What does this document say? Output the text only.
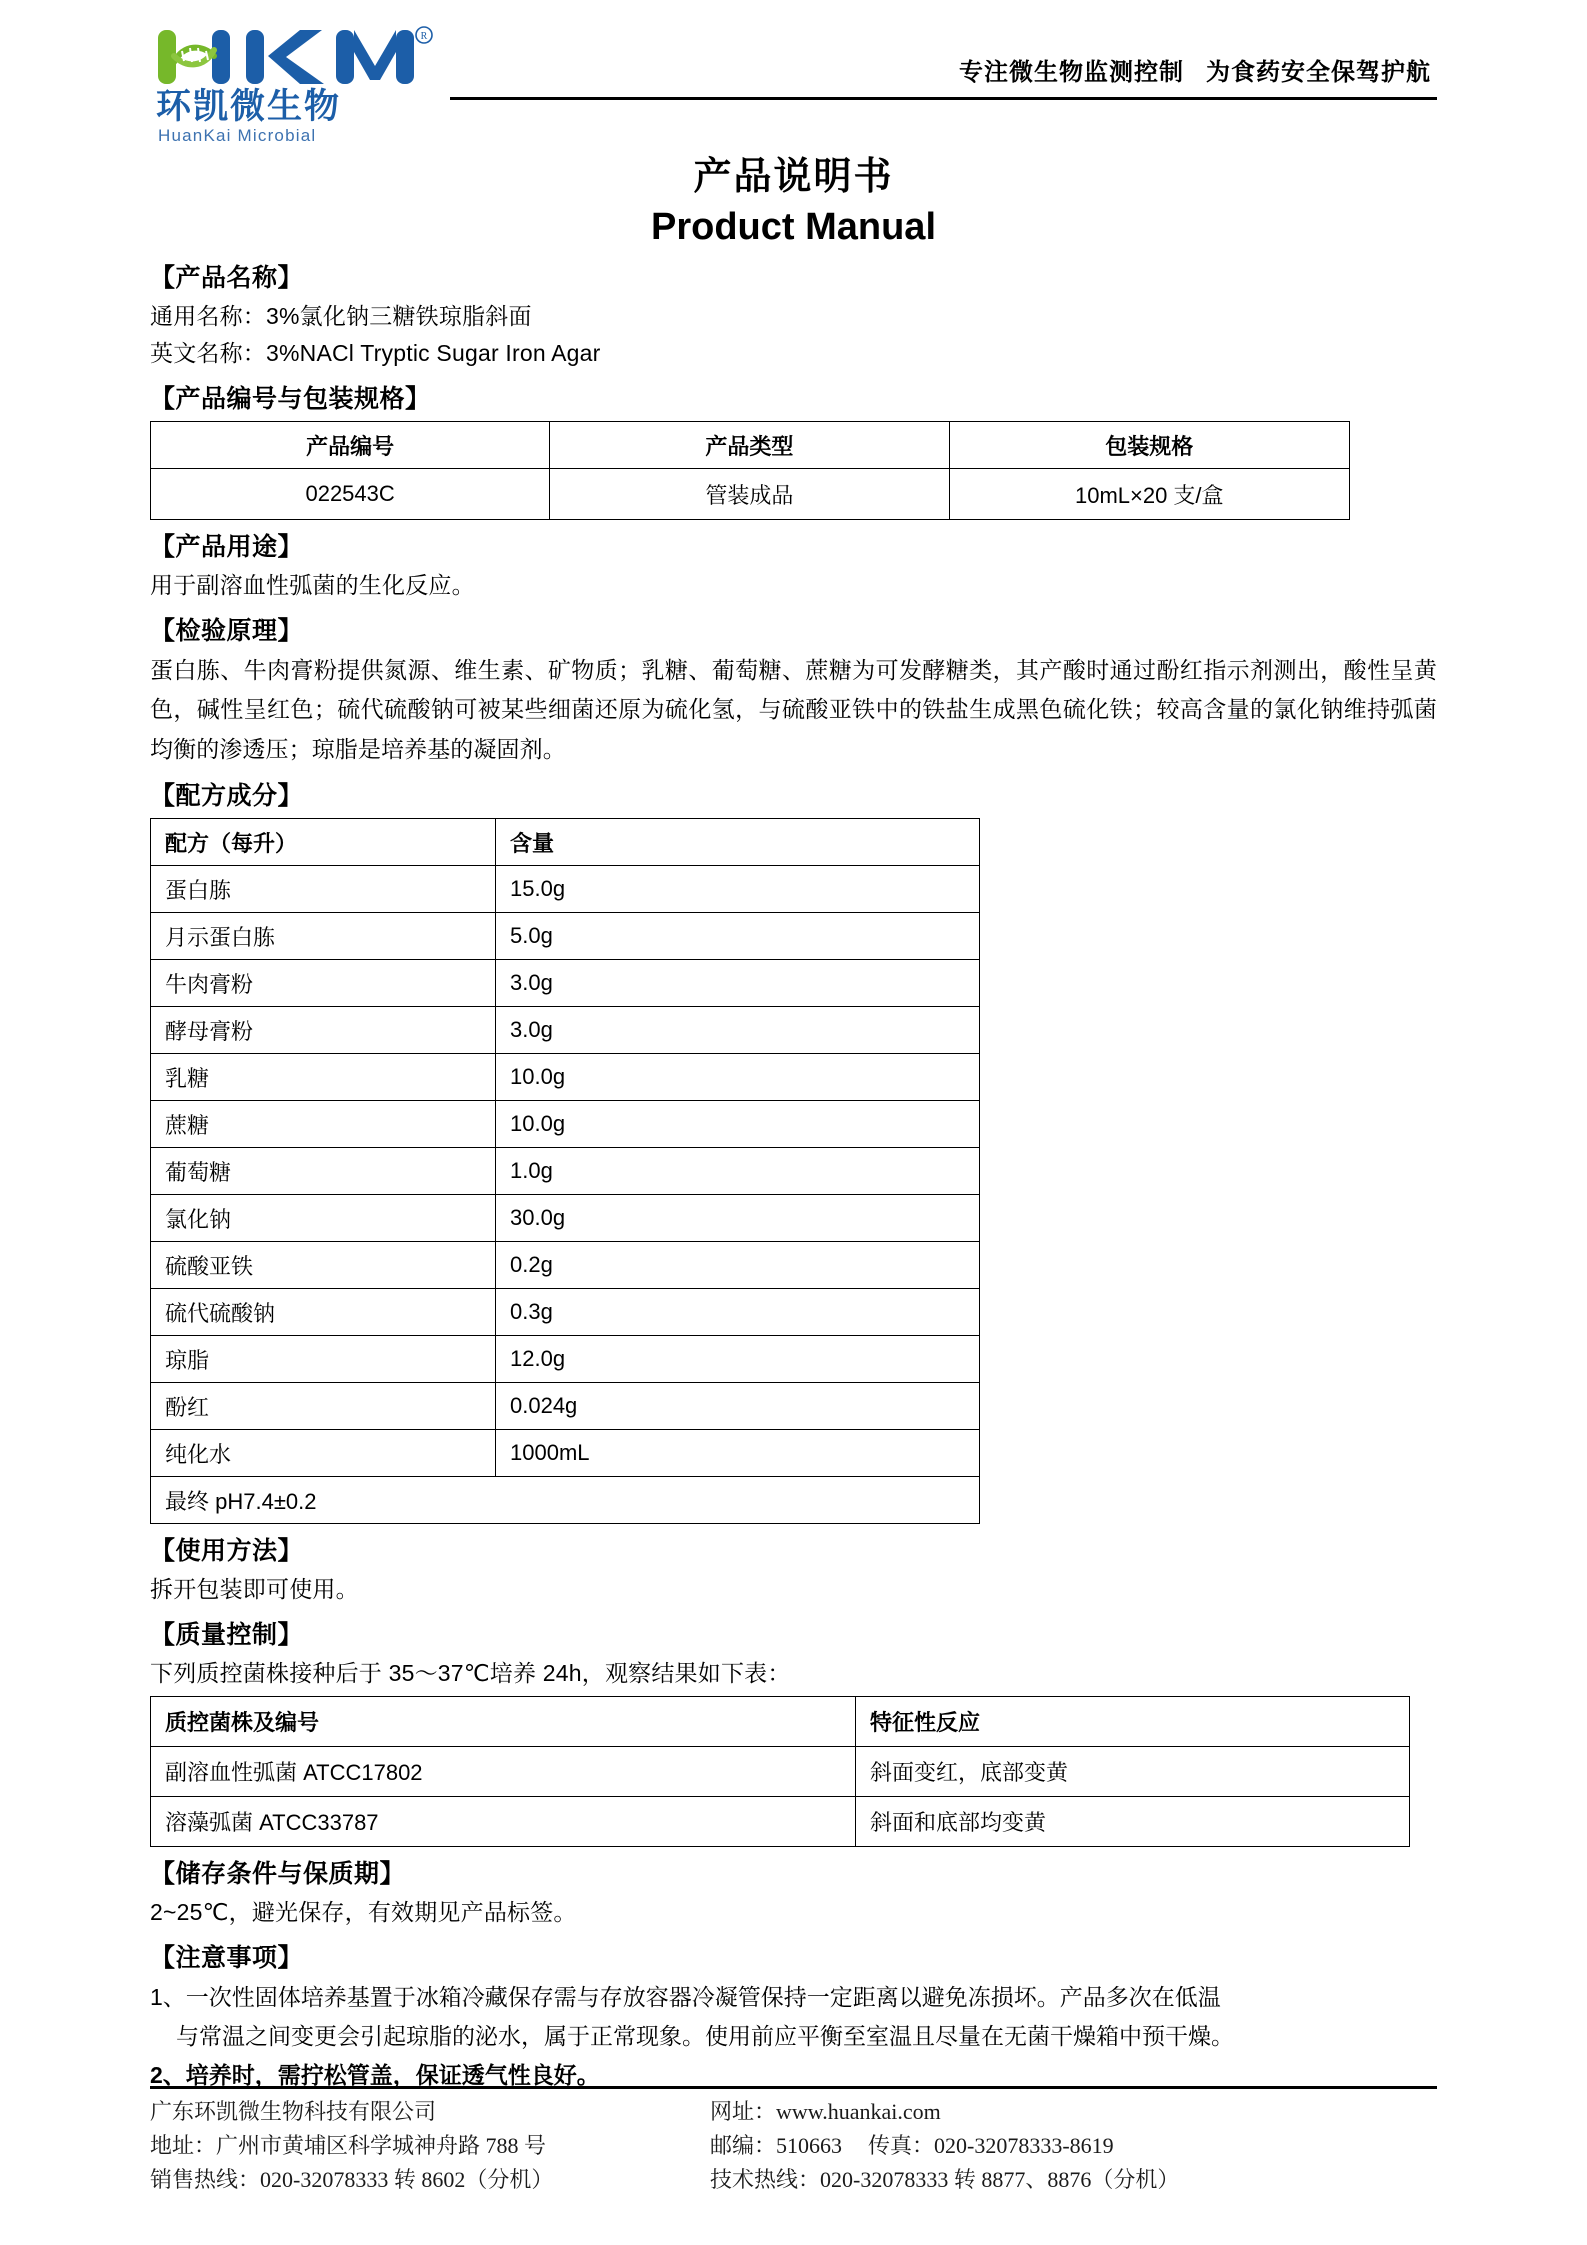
R
环凯微生物
HuanKai Microbial
专注微生物监测控制 为食药安全保驾护航
产品说明书
Product Manual
【产品名称】
通用名称：3%氯化钠三糖铁琼脂斜面
英文名称：3%NACl Tryptic Sugar Iron Agar
【产品编号与包装规格】
产品编号	产品类型	包装规格
022543C	管装成品	10mL×20 支/盒
【产品用途】
用于副溶血性弧菌的生化反应。
【检验原理】
蛋白胨、牛肉膏粉提供氮源、维生素、矿物质；乳糖、葡萄糖、蔗糖为可发酵糖类，其产酸时通过酚红指示剂测出，酸性呈黄色，碱性呈红色；硫代硫酸钠可被某些细菌还原为硫化氢，与硫酸亚铁中的铁盐生成黑色硫化铁；较高含量的氯化钠维持弧菌均衡的渗透压；琼脂是培养基的凝固剂。
【配方成分】
配方（每升）	含量
蛋白胨	15.0g
月示蛋白胨	5.0g
牛肉膏粉	3.0g
酵母膏粉	3.0g
乳糖	10.0g
蔗糖	10.0g
葡萄糖	1.0g
氯化钠	30.0g
硫酸亚铁	0.2g
硫代硫酸钠	0.3g
琼脂	12.0g
酚红	0.024g
纯化水	1000mL
最终 pH7.4±0.2	
【使用方法】
拆开包装即可使用。
【质量控制】
下列质控菌株接种后于 35～37℃培养 24h，观察结果如下表：
质控菌株及编号	特征性反应
副溶血性弧菌 ATCC17802	斜面变红，底部变黄
溶藻弧菌 ATCC33787	斜面和底部均变黄
【储存条件与保质期】
2~25℃，避光保存，有效期见产品标签。
【注意事项】
1、一次性固体培养基置于冰箱冷藏保存需与存放容器冷凝管保持一定距离以避免冻损坏。产品多次在低温
与常温之间变更会引起琼脂的泌水，属于正常现象。使用前应平衡至室温且尽量在无菌干燥箱中预干燥。
2、培养时，需拧松管盖，保证透气性良好。
广东环凯微生物科技有限公司
地址：广州市黄埔区科学城神舟路 788 号
销售热线：020-32078333 转 8602（分机）
网址：www.huankai.com
邮编：510663 传真：020-32078333-8619
技术热线：020-32078333 转 8877、8876（分机）
